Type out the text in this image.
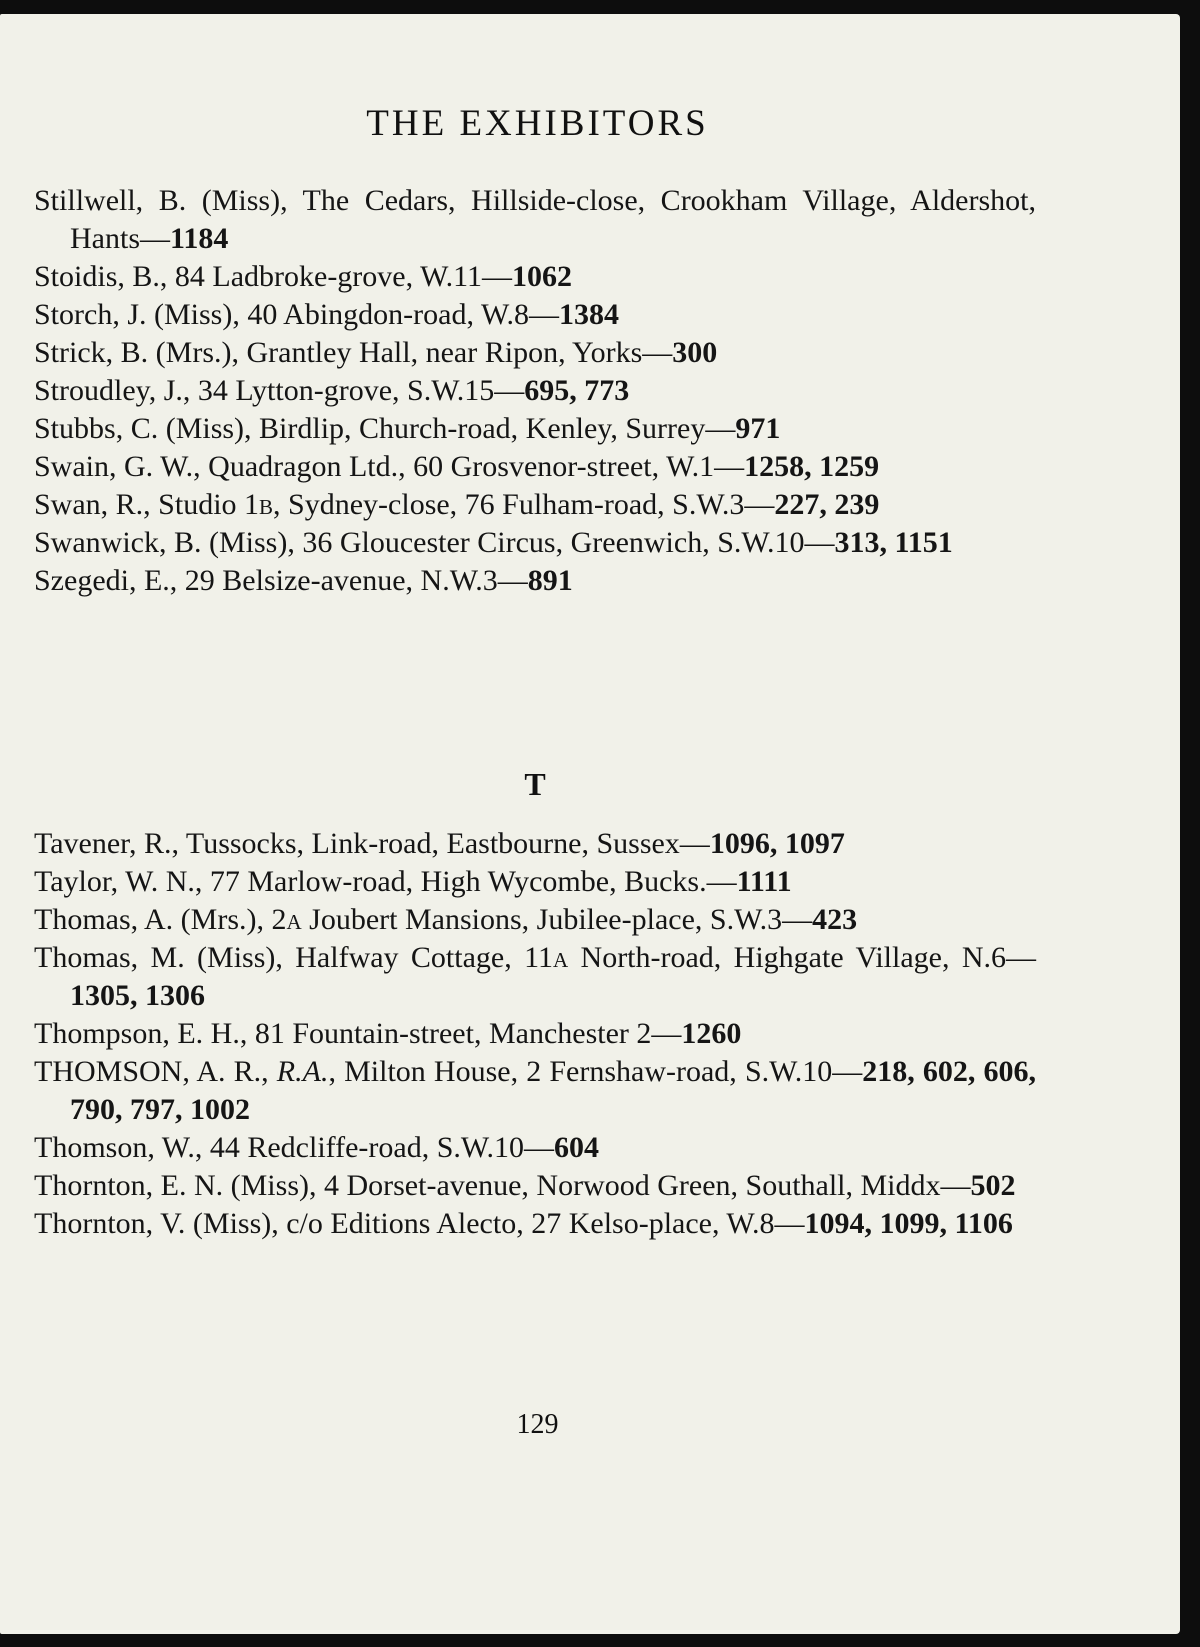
THE EXHIBITORS
Stillwell, B. (Miss), The Cedars, Hillside-close, Crookham Village, Aldershot, Hants—1184
Stoidis, B., 84 Ladbroke-grove, W.11—1062
Storch, J. (Miss), 40 Abingdon-road, W.8—1384
Strick, B. (Mrs.), Grantley Hall, near Ripon, Yorks—300
Stroudley, J., 34 Lytton-grove, S.W.15—695, 773
Stubbs, C. (Miss), Birdlip, Church-road, Kenley, Surrey—971
Swain, G. W., Quadragon Ltd., 60 Grosvenor-street, W.1—1258, 1259
Swan, R., Studio 1b, Sydney-close, 76 Fulham-road, S.W.3—227, 239
Swanwick, B. (Miss), 36 Gloucester Circus, Greenwich, S.W.10—313, 1151
Szegedi, E., 29 Belsize-avenue, N.W.3—891
T
Tavener, R., Tussocks, Link-road, Eastbourne, Sussex—1096, 1097
Taylor, W. N., 77 Marlow-road, High Wycombe, Bucks.—1111
Thomas, A. (Mrs.), 2a Joubert Mansions, Jubilee-place, S.W.3—423
Thomas, M. (Miss), Halfway Cottage, 11a North-road, Highgate Village, N.6—1305, 1306
Thompson, E. H., 81 Fountain-street, Manchester 2—1260
THOMSON, A. R., R.A., Milton House, 2 Fernshaw-road, S.W.10—218, 602, 606, 790, 797, 1002
Thomson, W., 44 Redcliffe-road, S.W.10—604
Thornton, E. N. (Miss), 4 Dorset-avenue, Norwood Green, Southall, Middx—502
Thornton, V. (Miss), c/o Editions Alecto, 27 Kelso-place, W.8—1094, 1099, 1106
129
